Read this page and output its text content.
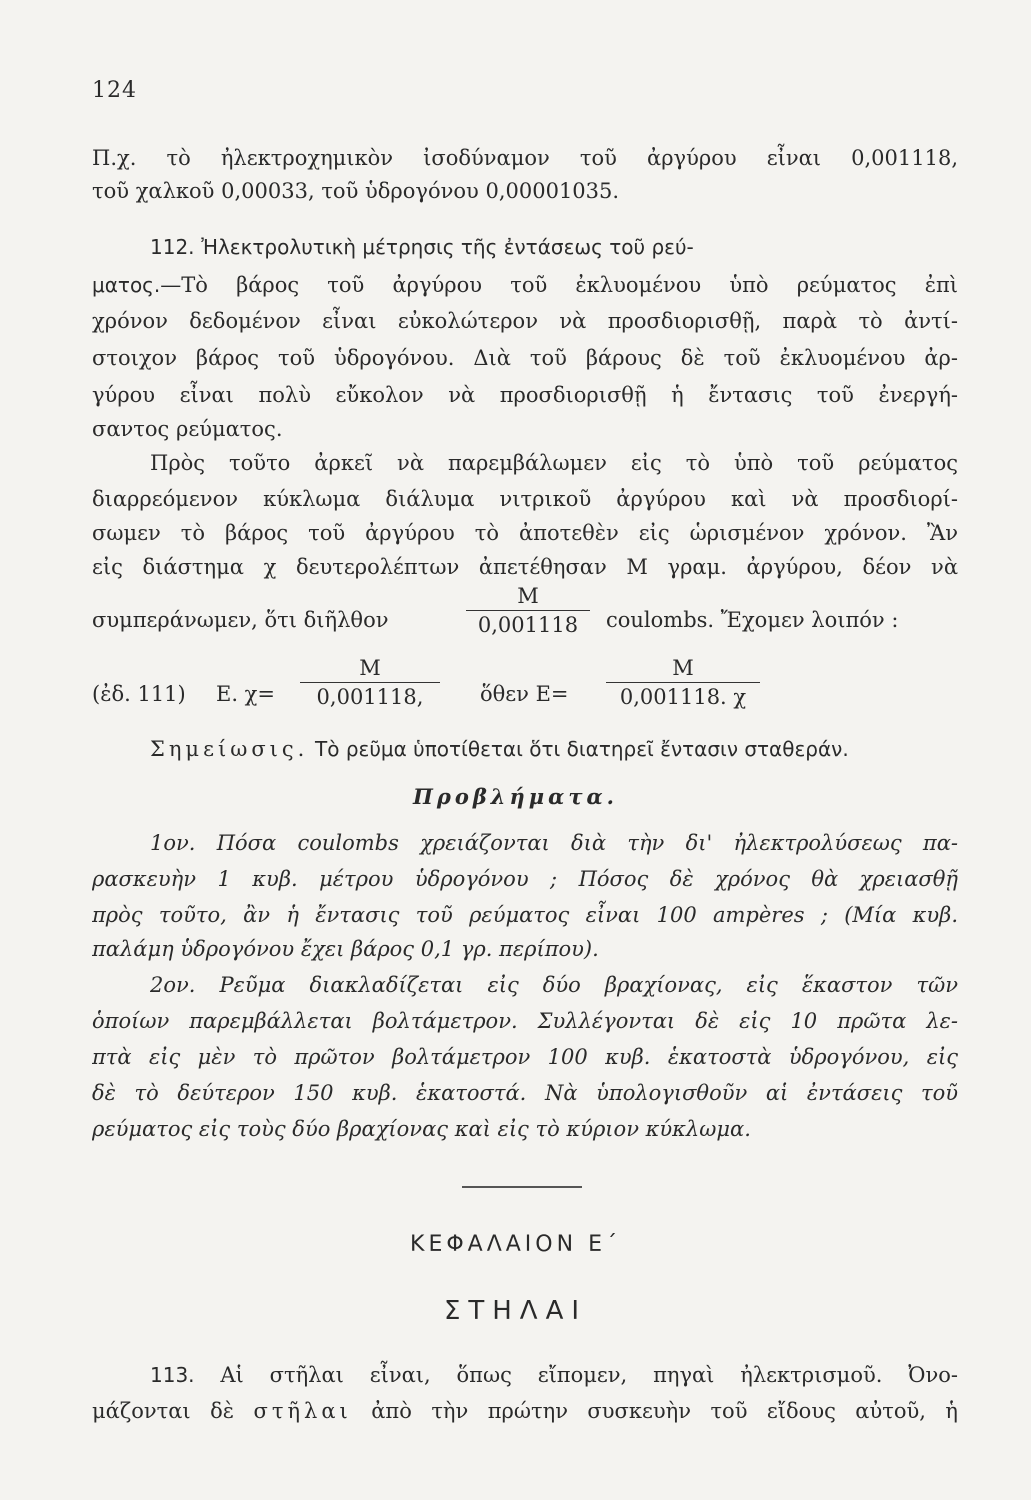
124
Π.χ. τὸ ἠλεκτροχημικὸν ἰσοδύναμον τοῦ ἀργύρου εἶναι 0,001118,
τοῦ χαλκοῦ 0,00033, τοῦ ὑδρογόνου 0,00001035.
112. Ἠλεκτρολυτικὴ μέτρησις τῆς ἐντάσεως τοῦ ρεύ-
ματος.—Τὸ βάρος τοῦ ἀργύρου τοῦ ἐκλυομένου ὑπὸ ρεύματος ἐπὶ
χρόνον δεδομένον εἶναι εὐκολώτερον νὰ προσδιορισθῇ, παρὰ τὸ ἀντί-
στοιχον βάρος τοῦ ὑδρογόνου. Διὰ τοῦ βάρους δὲ τοῦ ἐκλυομένου ἀρ-
γύρου εἶναι πολὺ εὔκολον νὰ προσδιορισθῇ ἡ ἔντασις τοῦ ἐνεργή-
σαντος ρεύματος.
Πρὸς τοῦτο ἀρκεῖ νὰ παρεμβάλωμεν εἰς τὸ ὑπὸ τοῦ ρεύματος
διαρρεόμενον κύκλωμα διάλυμα νιτρικοῦ ἀργύρου καὶ νὰ προσδιορί-
σωμεν τὸ βάρος τοῦ ἀργύρου τὸ ἀποτεθὲν εἰς ὡρισμένον χρόνον. Ἂν
εἰς διάστημα χ δευτερολέπτων ἀπετέθησαν Μ γραμ. ἀργύρου, δέον νὰ
συμπεράνωμεν, ὅτι διῆλθον
Μ
0,001118	coulombs. Ἔχομεν λοιπόν :
(ἐδ. 111) Ε. χ=
Μ
0,001118,	ὅθεν Ε=
Μ
0,001118. χ
Σημείωσις. Τὸ ρεῦμα ὑποτίθεται ὅτι διατηρεῖ ἔντασιν σταθεράν.
Προβλήματα.
1ον. Πόσα coulombs χρειάζονται διὰ τὴν δι' ἠλεκτρολύσεως πα-
ρασκευὴν 1 κυβ. μέτρου ὑδρογόνου ; Πόσος δὲ χρόνος θὰ χρειασθῇ
πρὸς τοῦτο, ἂν ἡ ἔντασις τοῦ ρεύματος εἶναι 100 ampères ; (Μία κυβ.
παλάμη ὑδρογόνου ἔχει βάρος 0,1 γρ. περίπου).
2ον. Ρεῦμα διακλαδίζεται εἰς δύο βραχίονας, εἰς ἕκαστον τῶν
ὁποίων παρεμβάλλεται βολτάμετρον. Συλλέγονται δὲ εἰς 10 πρῶτα λε-
πτὰ εἰς μὲν τὸ πρῶτον βολτάμετρον 100 κυβ. ἑκατοστὰ ὑδρογόνου, εἰς
δὲ τὸ δεύτερον 150 κυβ. ἑκατοστά. Νὰ ὑπολογισθοῦν αἱ ἐντάσεις τοῦ
ρεύματος εἰς τοὺς δύο βραχίονας καὶ εἰς τὸ κύριον κύκλωμα.
ΚΕΦΑΛΑΙΟΝ Ε΄
ΣΤΗΛΑΙ
113. Αἱ στῆλαι εἶναι, ὅπως εἴπομεν, πηγαὶ ἠλεκτρισμοῦ. Ὀνο-
μάζονται δὲ στῆλαι ἀπὸ τὴν πρώτην συσκευὴν τοῦ εἴδους αὐτοῦ, ἡ
